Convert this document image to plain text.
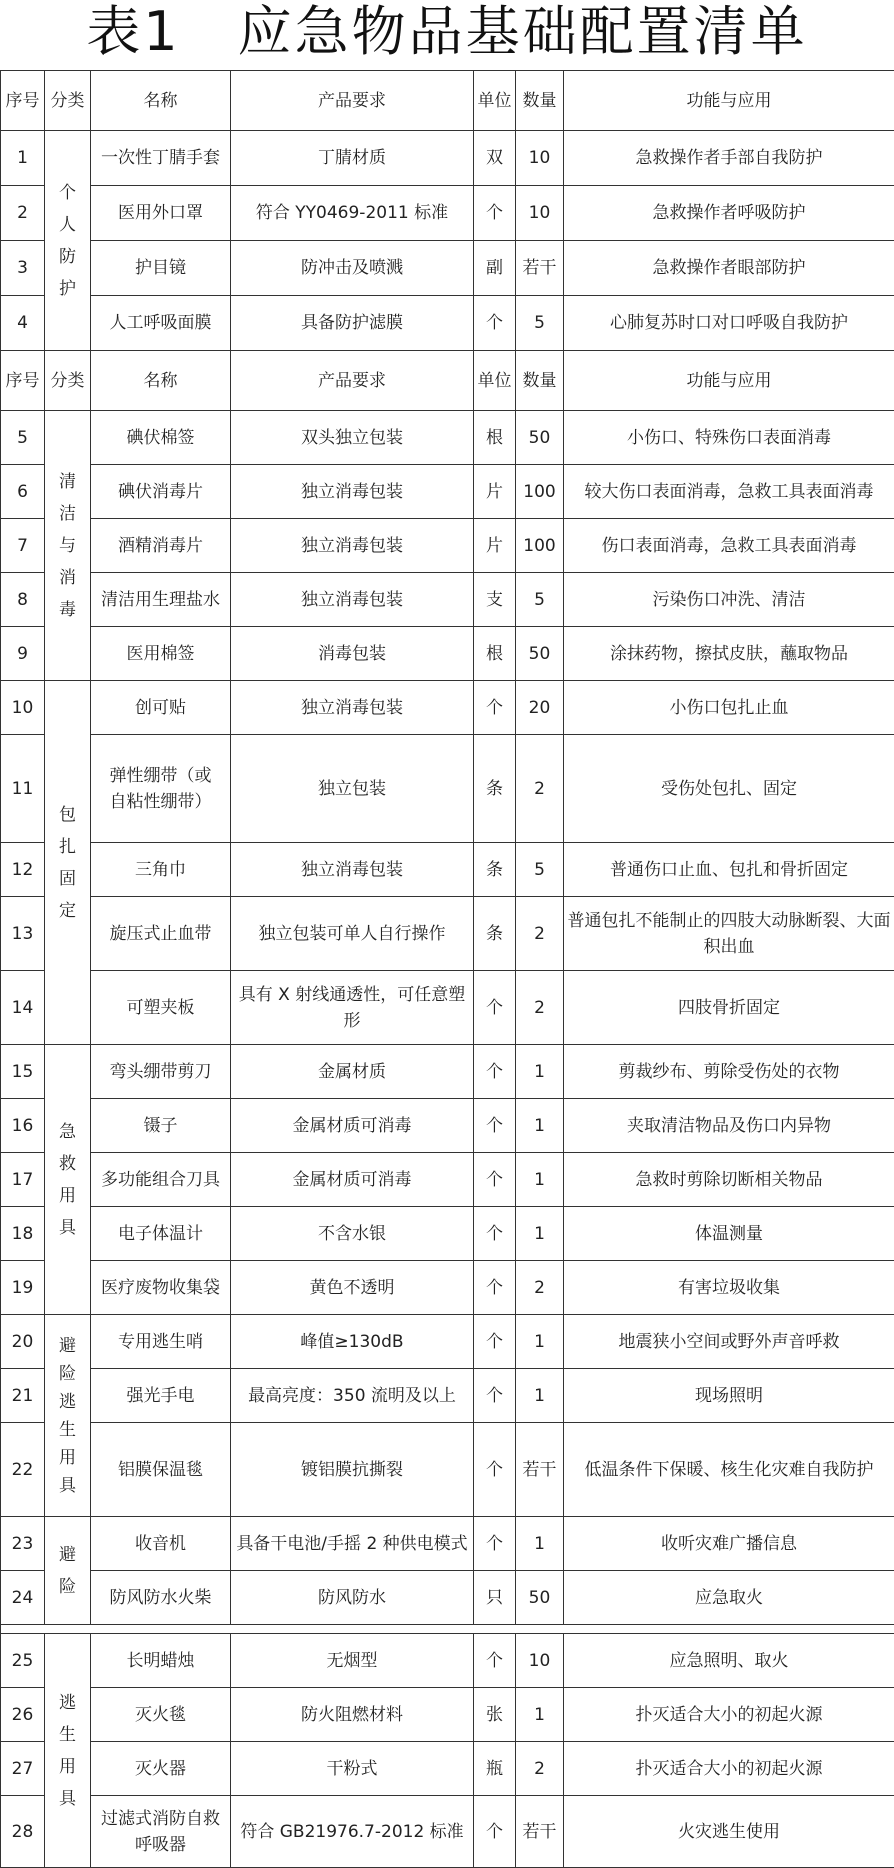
表1　应急物品基础配置清单
序号	分类	名称	产品要求	单位	数量	功能与应用
1	个人防护	一次性丁腈手套	丁腈材质	双	10	急救操作者手部自我防护
2		医用外口罩	符合 YY0469-2011 标准	个	10	急救操作者呼吸防护
3		护目镜	防冲击及喷溅	副	若干	急救操作者眼部防护
4		人工呼吸面膜	具备防护滤膜	个	5	心肺复苏时口对口呼吸自我防护
序号	分类	名称	产品要求	单位	数量	功能与应用
5	清洁与消毒	碘伏棉签	双头独立包装	根	50	小伤口、特殊伤口表面消毒
6		碘伏消毒片	独立消毒包装	片	100	较大伤口表面消毒，急救工具表面消毒
7		酒精消毒片	独立消毒包装	片	100	伤口表面消毒，急救工具表面消毒
8		清洁用生理盐水	独立消毒包装	支	5	污染伤口冲洗、清洁
9		医用棉签	消毒包装	根	50	涂抹药物，擦拭皮肤，蘸取物品
10	包扎固定	创可贴	独立消毒包装	个	20	小伤口包扎止血
11		弹性绷带（或自粘性绷带）	独立包装	条	2	受伤处包扎、固定
12		三角巾	独立消毒包装	条	5	普通伤口止血、包扎和骨折固定
13		旋压式止血带	独立包装可单人自行操作	条	2	普通包扎不能制止的四肢大动脉断裂、大面积出血
14		可塑夹板	具有 X 射线通透性，可任意塑形	个	2	四肢骨折固定
15	急救用具	弯头绷带剪刀	金属材质	个	1	剪裁纱布、剪除受伤处的衣物
16		镊子	金属材质可消毒	个	1	夹取清洁物品及伤口内异物
17		多功能组合刀具	金属材质可消毒	个	1	急救时剪除切断相关物品
18		电子体温计	不含水银	个	1	体温测量
19		医疗废物收集袋	黄色不透明	个	2	有害垃圾收集
20	避险逃生用具	专用逃生哨	峰值≥130dB	个	1	地震狭小空间或野外声音呼救
21		强光手电	最高亮度：350 流明及以上	个	1	现场照明
22		铝膜保温毯	镀铝膜抗撕裂	个	若干	低温条件下保暖、核生化灾难自我防护
23	避险	收音机	具备干电池/手摇 2 种供电模式	个	1	收听灾难广播信息
24		防风防水火柴	防风防水	只	50	应急取火

25	逃生用具	长明蜡烛	无烟型	个	10	应急照明、取火
26		灭火毯	防火阻燃材料	张	1	扑灭适合大小的初起火源
27		灭火器	干粉式	瓶	2	扑灭适合大小的初起火源
28		过滤式消防自救呼吸器	符合 GB21976.7-2012 标准	个	若干	火灾逃生使用
